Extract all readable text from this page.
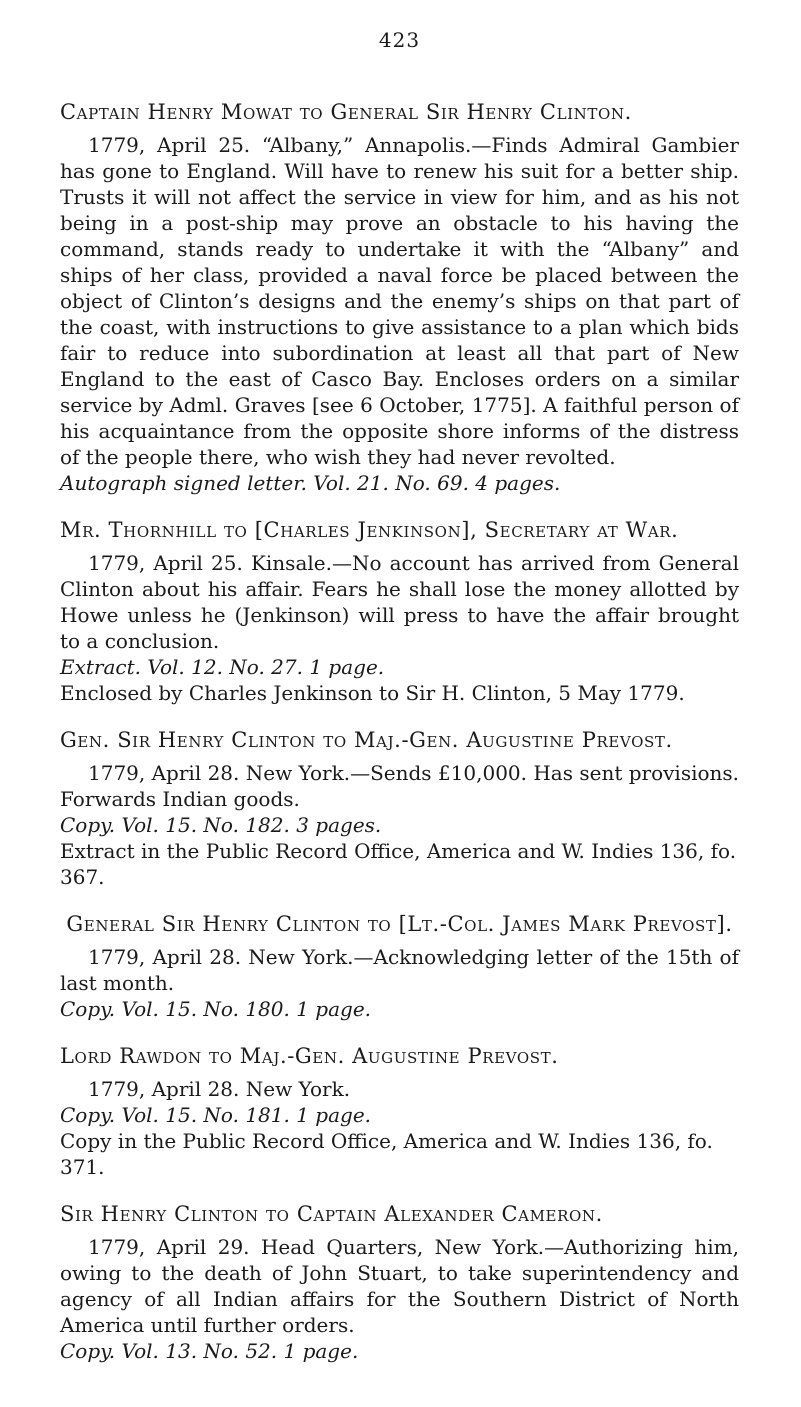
423

Captain Henry Mowat to General Sir Henry Clinton.

1779, April 25. “Albany,” Annapolis.—Finds Admiral Gambier has gone to England. Will have to renew his suit for a better ship. Trusts it will not affect the service in view for him, and as his not being in a post-ship may prove an obstacle to his having the command, stands ready to undertake it with the “Albany” and ships of her class, provided a naval force be placed between the object of Clinton’s designs and the enemy’s ships on that part of the coast, with instructions to give assistance to a plan which bids fair to reduce into subordination at least all that part of New England to the east of Casco Bay. Encloses orders on a similar service by Adml. Graves [see 6 October, 1775]. A faithful person of his acquaintance from the opposite shore informs of the distress of the people there, who wish they had never revolted.

Autograph signed letter. Vol. 21. No. 69. 4 pages.

Mr. Thornhill to [Charles Jenkinson], Secretary at War.

1779, April 25. Kinsale.—No account has arrived from General Clinton about his affair. Fears he shall lose the money allotted by Howe unless he (Jenkinson) will press to have the affair brought to a conclusion.

Extract. Vol. 12. No. 27. 1 page.

Enclosed by Charles Jenkinson to Sir H. Clinton, 5 May 1779.

Gen. Sir Henry Clinton to Maj.-Gen. Augustine Prevost.

1779, April 28. New York.—Sends £10,000. Has sent provisions. Forwards Indian goods.

Copy. Vol. 15. No. 182. 3 pages.

Extract in the Public Record Office, America and W. Indies 136, fo. 367.

General Sir Henry Clinton to [Lt.-Col. James Mark Prevost].

1779, April 28. New York.—Acknowledging letter of the 15th of last month.

Copy. Vol. 15. No. 180. 1 page.

Lord Rawdon to Maj.-Gen. Augustine Prevost.

1779, April 28. New York.

Copy. Vol. 15. No. 181. 1 page.

Copy in the Public Record Office, America and W. Indies 136, fo. 371.

Sir Henry Clinton to Captain Alexander Cameron.

1779, April 29. Head Quarters, New York.—Authorizing him, owing to the death of John Stuart, to take superintendency and agency of all Indian affairs for the Southern District of North America until further orders.

Copy. Vol. 13. No. 52. 1 page.
